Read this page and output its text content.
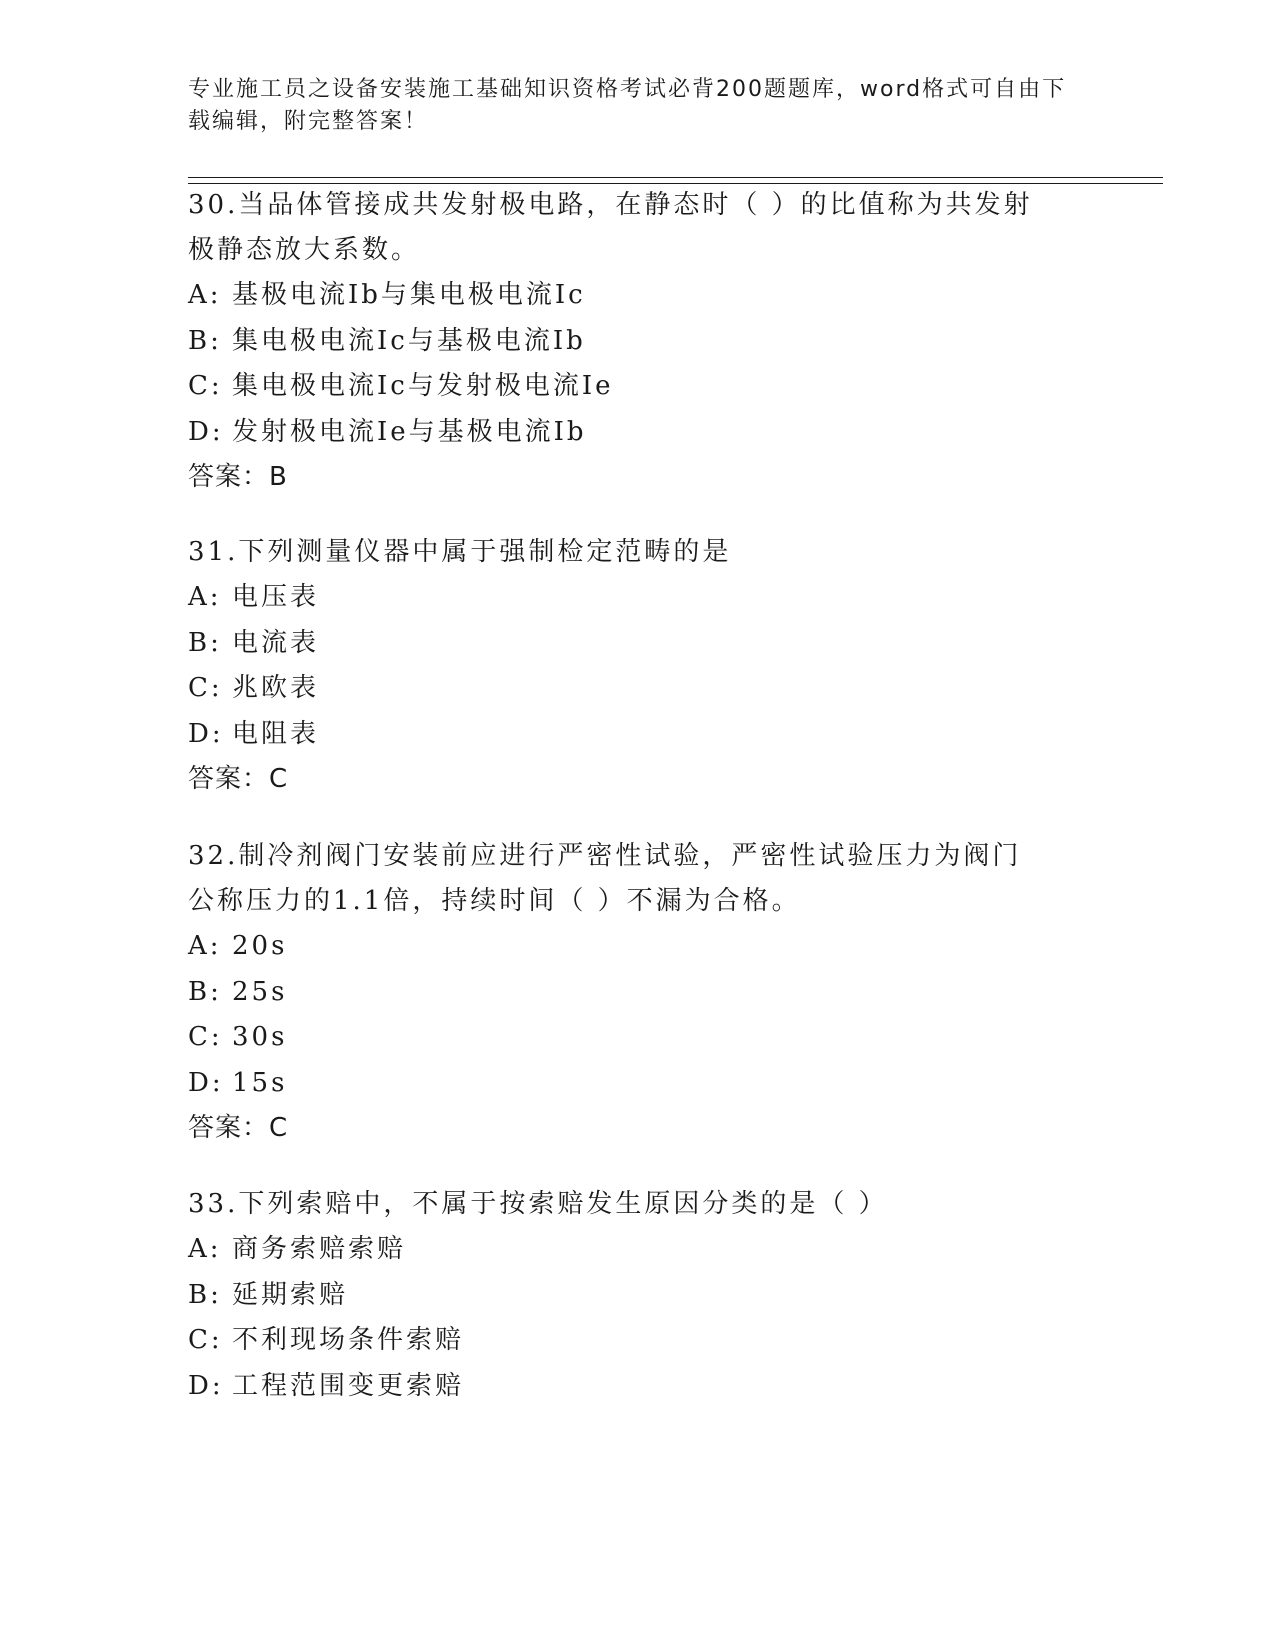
专业施工员之设备安装施工基础知识资格考试必背200题题库，word格式可自由下载编辑，附完整答案！
30.当品体管接成共发射极电路，在静态时（ ）的比值称为共发射极静态放大系数。
A: 基极电流Ib与集电极电流Ic
B: 集电极电流Ic与基极电流Ib
C: 集电极电流Ic与发射极电流Ie
D: 发射极电流Ie与基极电流Ib
答案：B
31.下列测量仪器中属于强制检定范畴的是
A: 电压表
B: 电流表
C: 兆欧表
D: 电阻表
答案：C
32.制冷剂阀门安装前应进行严密性试验，严密性试验压力为阀门公称压力的1.1倍，持续时间（ ）不漏为合格。
A: 20s
B: 25s
C: 30s
D: 15s
答案：C
33.下列索赔中，不属于按索赔发生原因分类的是（ ）
A: 商务索赔索赔
B: 延期索赔
C: 不利现场条件索赔
D: 工程范围变更索赔
